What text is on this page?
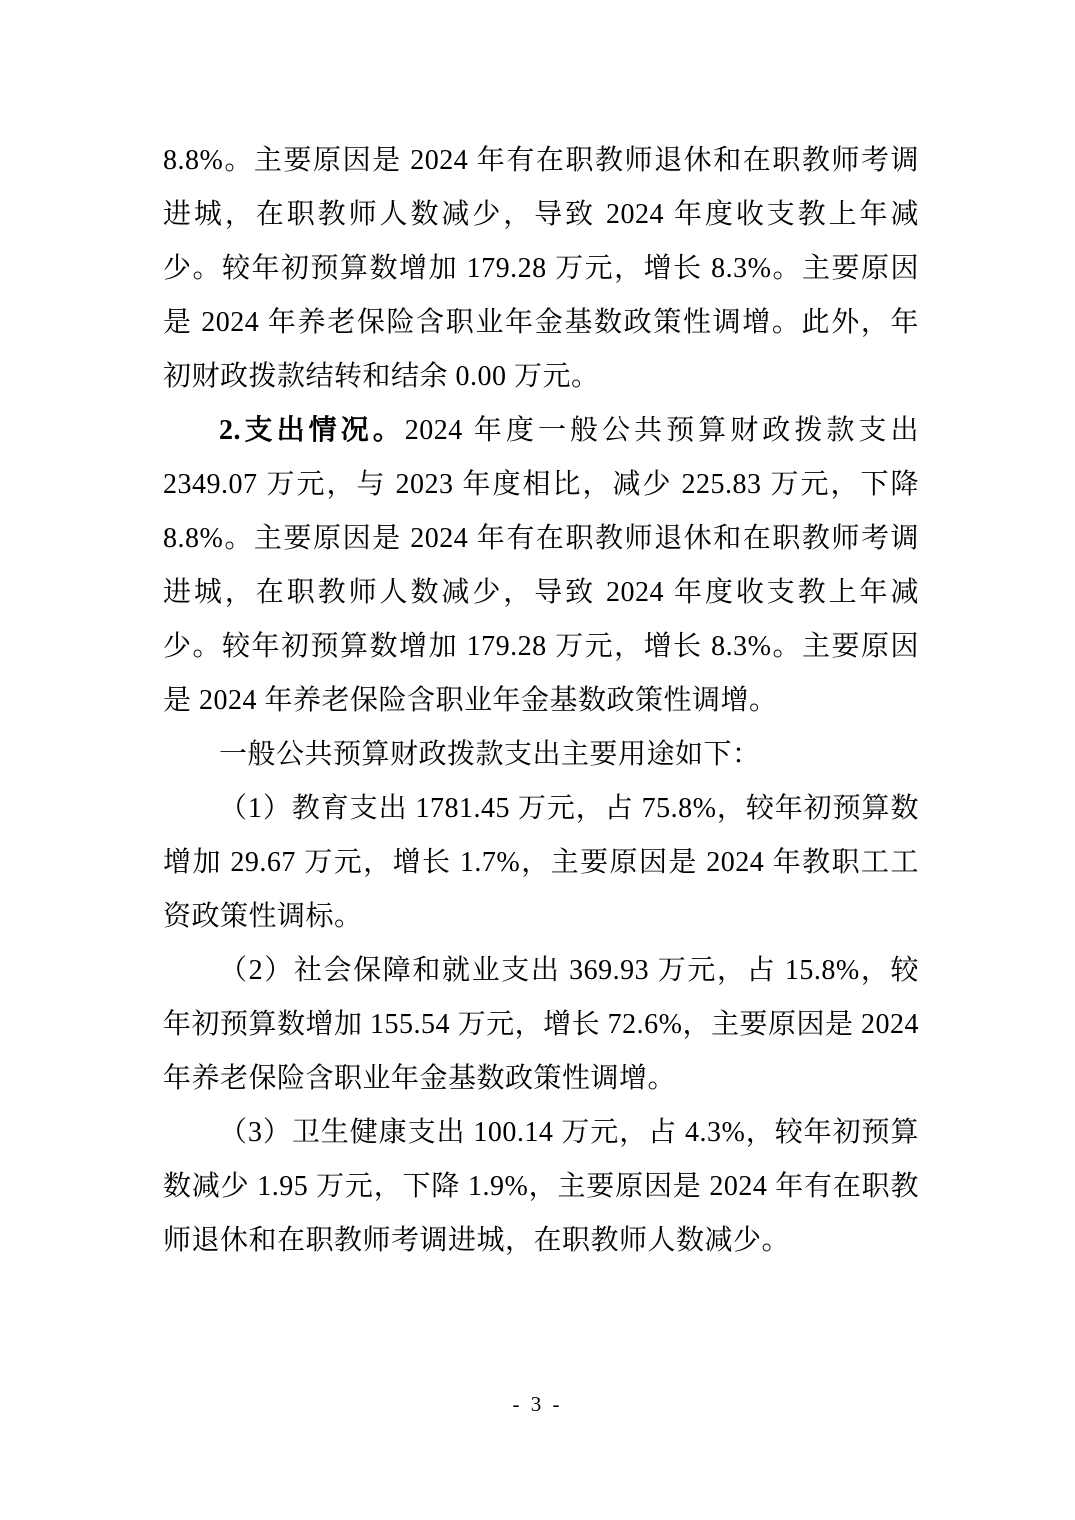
8.8%。主要原因是 2024 年有在职教师退休和在职教师考调进城，在职教师人数减少，导致 2024 年度收支教上年减少。较年初预算数增加 179.28 万元，增长 8.3%。主要原因是 2024 年养老保险含职业年金基数政策性调增。此外，年初财政拨款结转和结余 0.00 万元。

2.支出情况。2024 年度一般公共预算财政拨款支出 2349.07 万元，与 2023 年度相比，减少 225.83 万元，下降 8.8%。主要原因是 2024 年有在职教师退休和在职教师考调进城，在职教师人数减少，导致 2024 年度收支教上年减少。较年初预算数增加 179.28 万元，增长 8.3%。主要原因是 2024 年养老保险含职业年金基数政策性调增。

一般公共预算财政拨款支出主要用途如下：

（1）教育支出 1781.45 万元，占 75.8%，较年初预算数增加 29.67 万元，增长 1.7%，主要原因是 2024 年教职工工资政策性调标。

（2）社会保障和就业支出 369.93 万元，占 15.8%，较年初预算数增加 155.54 万元，增长 72.6%，主要原因是 2024 年养老保险含职业年金基数政策性调增。

（3）卫生健康支出 100.14 万元，占 4.3%，较年初预算数减少 1.95 万元，下降 1.9%，主要原因是 2024 年有在职教师退休和在职教师考调进城，在职教师人数减少。

- 3 -
